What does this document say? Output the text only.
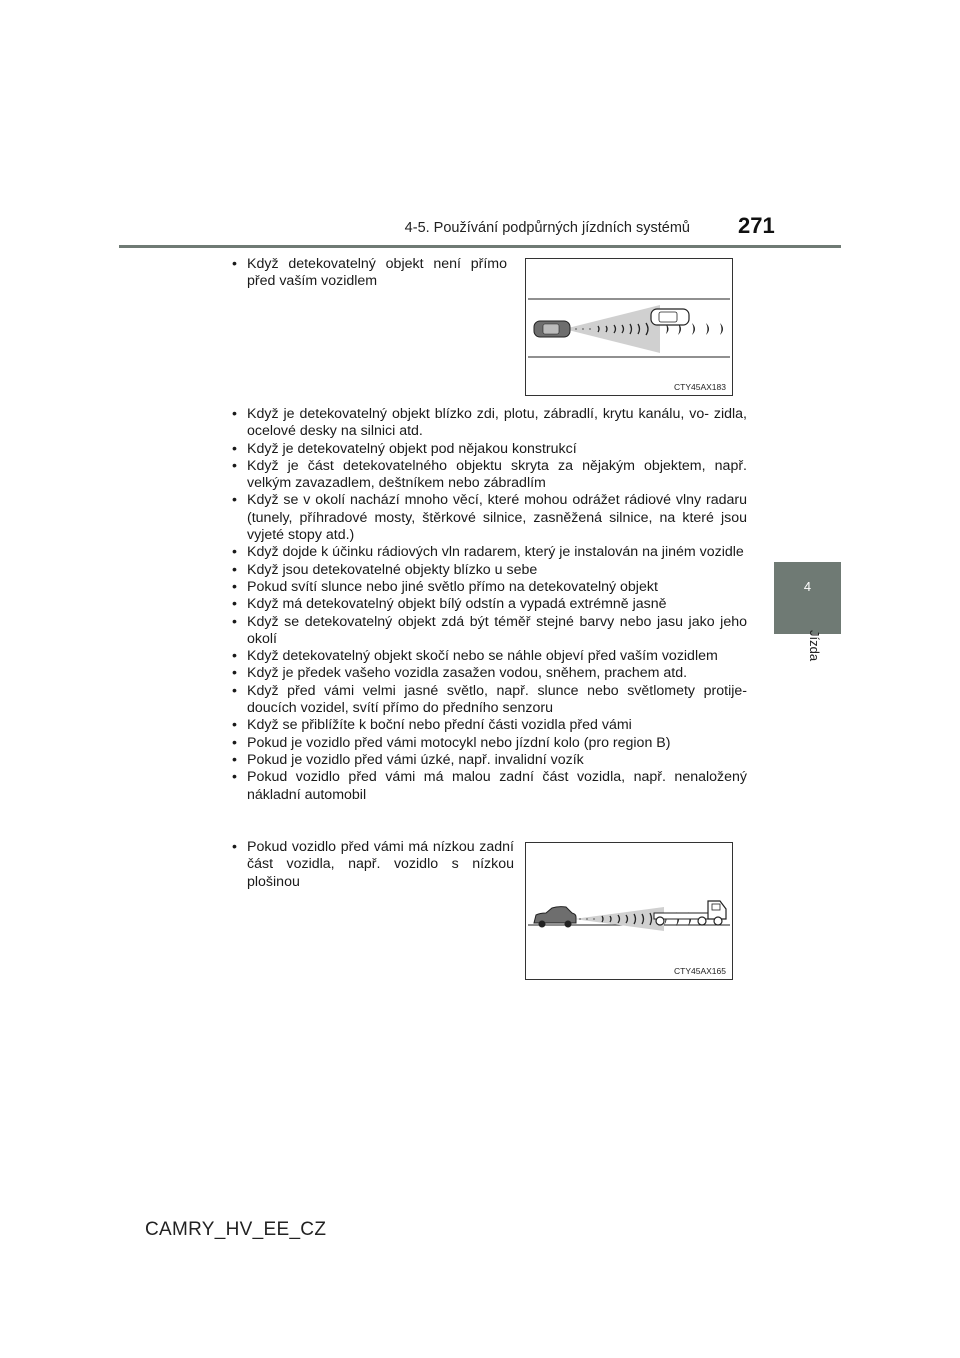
4-5. Používání podpůrných jízdních systémů 271
4
Jízda
• Když detekovatelný objekt není přímo před vaším vozidlem
CTY45AX183
• Když je detekovatelný objekt blízko zdi, plotu, zábradlí, krytu kanálu, vo- zidla, ocelové desky na silnici atd.
• Když je detekovatelný objekt pod nějakou konstrukcí
• Když je část detekovatelného objektu skryta za nějakým objektem, např. velkým zavazadlem, deštníkem nebo zábradlím
• Když se v okolí nachází mnoho věcí, které mohou odrážet rádiové vlny radaru (tunely, příhradové mosty, štěrkové silnice, zasněžená silnice, na které jsou vyjeté stopy atd.)
• Když dojde k účinku rádiových vln radarem, který je instalován na jiném vozidle
• Když jsou detekovatelné objekty blízko u sebe
• Pokud svítí slunce nebo jiné světlo přímo na detekovatelný objekt
• Když má detekovatelný objekt bílý odstín a vypadá extrémně jasně
• Když se detekovatelný objekt zdá být téměř stejné barvy nebo jasu jako jeho okolí
• Když detekovatelný objekt skočí nebo se náhle objeví před vaším vozidlem
• Když je předek vašeho vozidla zasažen vodou, sněhem, prachem atd.
• Když před vámi velmi jasné světlo, např. slunce nebo světlomety protije- doucích vozidel, svítí přímo do předního senzoru
• Když se přiblížíte k boční nebo přední části vozidla před vámi
• Pokud je vozidlo před vámi motocykl nebo jízdní kolo (pro region B)
• Pokud je vozidlo před vámi úzké, např. invalidní vozík
• Pokud vozidlo před vámi má malou zadní část vozidla, např. nenaložený nákladní automobil
• Pokud vozidlo před vámi má nízkou zadní část vozidla, např. vozidlo s nízkou plošinou
CTY45AX165
CAMRY_HV_EE_CZ
